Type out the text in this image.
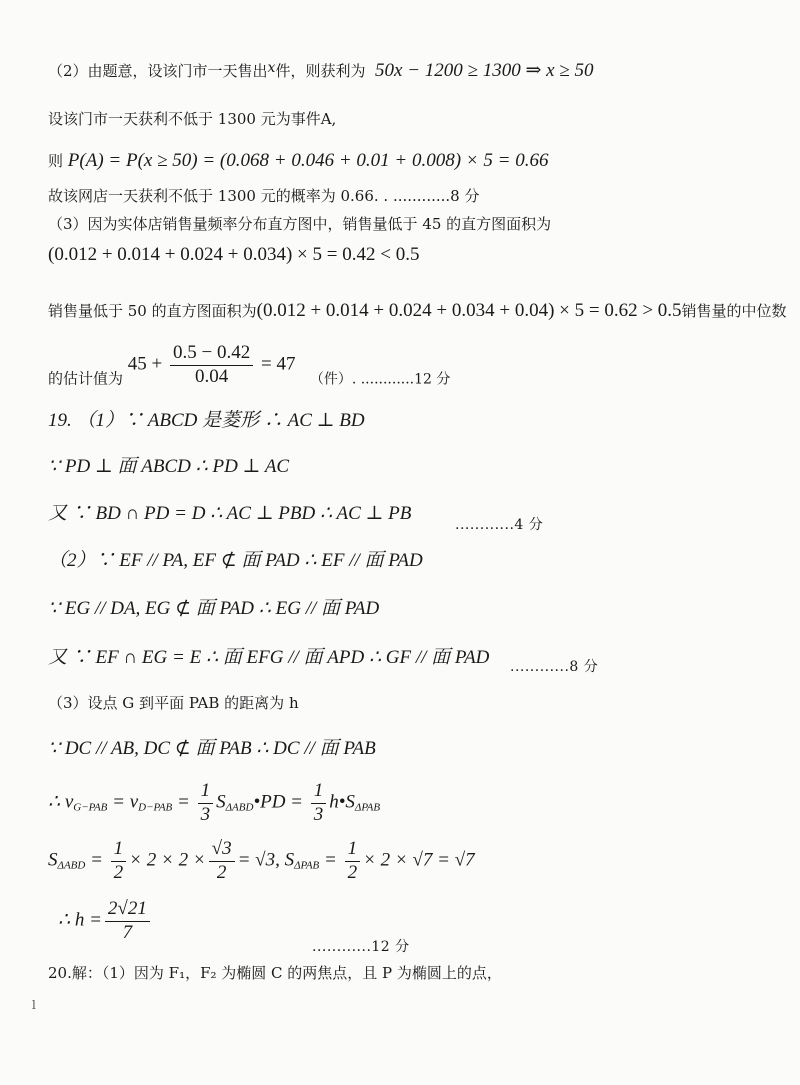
（2）由题意，设该门市一天售出x件，则获利为 50x − 1200 ≥ 1300 ⇒ x ≥ 50
设该门市一天获利不低于 1300 元为事件A,
则 P(A) = P(x ≥ 50) = (0.068 + 0.046 + 0.01 + 0.008) × 5 = 0.66
故该网店一天获利不低于 1300 元的概率为 0.66. . ............8 分
（3）因为实体店销售量频率分布直方图中，销售量低于 45 的直方图面积为
(0.012 + 0.014 + 0.024 + 0.034) × 5 = 0.42 < 0.5
销售量低于 50 的直方图面积为(0.012 + 0.014 + 0.024 + 0.034 + 0.04) × 5 = 0.62 > 0.5销售量的中位数
的估计值为 $45 + \frac{0.5 - 0.42}{0.04} = 47$   （件）. ............12 分
19. （1）∵ ABCD 是菱形 ∴ AC ⊥ BD
∵ PD ⊥ 面 ABCD ∴ PD ⊥ AC
又 ∵ BD ∩ PD = D ∴ AC ⊥ PBD ∴ AC ⊥ PB
............4 分
（2）∵ EF // PA, EF ⊄ 面 PAD ∴ EF // 面 PAD
∵ EG // DA, EG ⊄ 面 PAD ∴ EG // 面 PAD
又 ∵ EF ∩ EG = E ∴ 面 EFG // 面 APD ∴ GF // 面 PAD ............8 分
（3）设点 G 到平面 PAB 的距离为 h
∵ DC // AB, DC ⊄ 面 PAB ∴ DC // 面 PAB
∴ $v_{G-PAB} = v_{D-PAB} = \frac{1}{3}$ $S_{\Delta ABD}•PD = \frac{1}{3}$ $h•S_{\Delta PAB}$
$S_{\Delta ABD} = \frac{1}{2} \times 2 \times 2 \times \frac{√3}{2} = √3$, $S_{\Delta PAB} = \frac{1}{2} \times 2 \times √7 = √7$
∴ $h = \frac{2√21}{7}$
............12 分
20.解：（1）因为 F₁，F₂ 为椭圆 C 的两焦点，且 P 为椭圆上的点，
l
